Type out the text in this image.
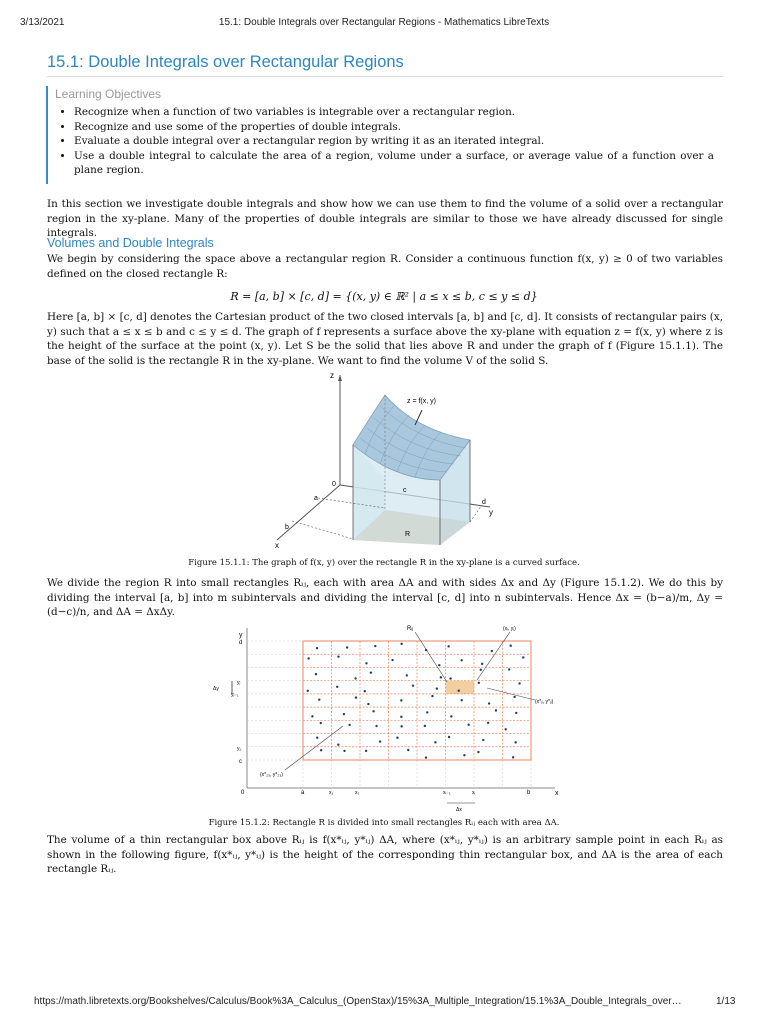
3/13/2021	15.1: Double Integrals over Rectangular Regions - Mathematics LibreTexts
15.1: Double Integrals over Rectangular Regions
Learning Objectives
• Recognize when a function of two variables is integrable over a rectangular region.
• Recognize and use some of the properties of double integrals.
• Evaluate a double integral over a rectangular region by writing it as an iterated integral.
• Use a double integral to calculate the area of a region, volume under a surface, or average value of a function over a plane region.
In this section we investigate double integrals and show how we can use them to find the volume of a solid over a rectangular region in the xy-plane. Many of the properties of double integrals are similar to those we have already discussed for single integrals.
Volumes and Double Integrals
We begin by considering the space above a rectangular region R. Consider a continuous function f(x, y) ≥ 0 of two variables defined on the closed rectangle R:
R = [a, b] × [c, d] = {(x, y) ∈ ℝ² | a ≤ x ≤ b, c ≤ y ≤ d}
Here [a, b] × [c, d] denotes the Cartesian product of the two closed intervals [a, b] and [c, d]. It consists of rectangular pairs (x, y) such that a ≤ x ≤ b and c ≤ y ≤ d. The graph of f represents a surface above the xy-plane with equation z = f(x, y) where z is the height of the surface at the point (x, y). Let S be the solid that lies above R and under the graph of f (Figure 15.1.1). The base of the solid is the rectangle R in the xy-plane. We want to find the volume V of the solid S.
z
x
y
0
a
b
c
d
R
z = f(x, y)
Figure 15.1.1: The graph of f(x, y) over the rectangle R in the xy-plane is a curved surface.
We divide the region R into small rectangles Rᵢⱼ, each with area ΔA and with sides Δx and Δy (Figure 15.1.2). We do this by dividing the interval [a, b] into m subintervals and dividing the interval [c, d] into n subintervals. Hence Δx = (b−a)/m, Δy = (d−c)/n, and ΔA = ΔxΔy.
y
x
0
d
c
yⱼ
yⱼ₋₁
y₁
Δy
a	x₁	x₂	xᵢ₋₁	xᵢ	b
Δx
Rᵢⱼ	(xᵢ, yⱼ)
(x*ᵢⱼ, y*ᵢⱼ)
(x*₂₃, y*₂₃)
Figure 15.1.2: Rectangle R is divided into small rectangles Rᵢⱼ each with area ΔA.
The volume of a thin rectangular box above Rᵢⱼ is f(x*ᵢⱼ, y*ᵢⱼ) ΔA, where (x*ᵢⱼ, y*ᵢⱼ) is an arbitrary sample point in each Rᵢⱼ as shown in the following figure, f(x*ᵢⱼ, y*ᵢⱼ) is the height of the corresponding thin rectangular box, and ΔA is the area of each rectangle Rᵢⱼ.
https://math.libretexts.org/Bookshelves/Calculus/Book%3A_Calculus_(OpenStax)/15%3A_Multiple_Integration/15.1%3A_Double_Integrals_over…	1/13
